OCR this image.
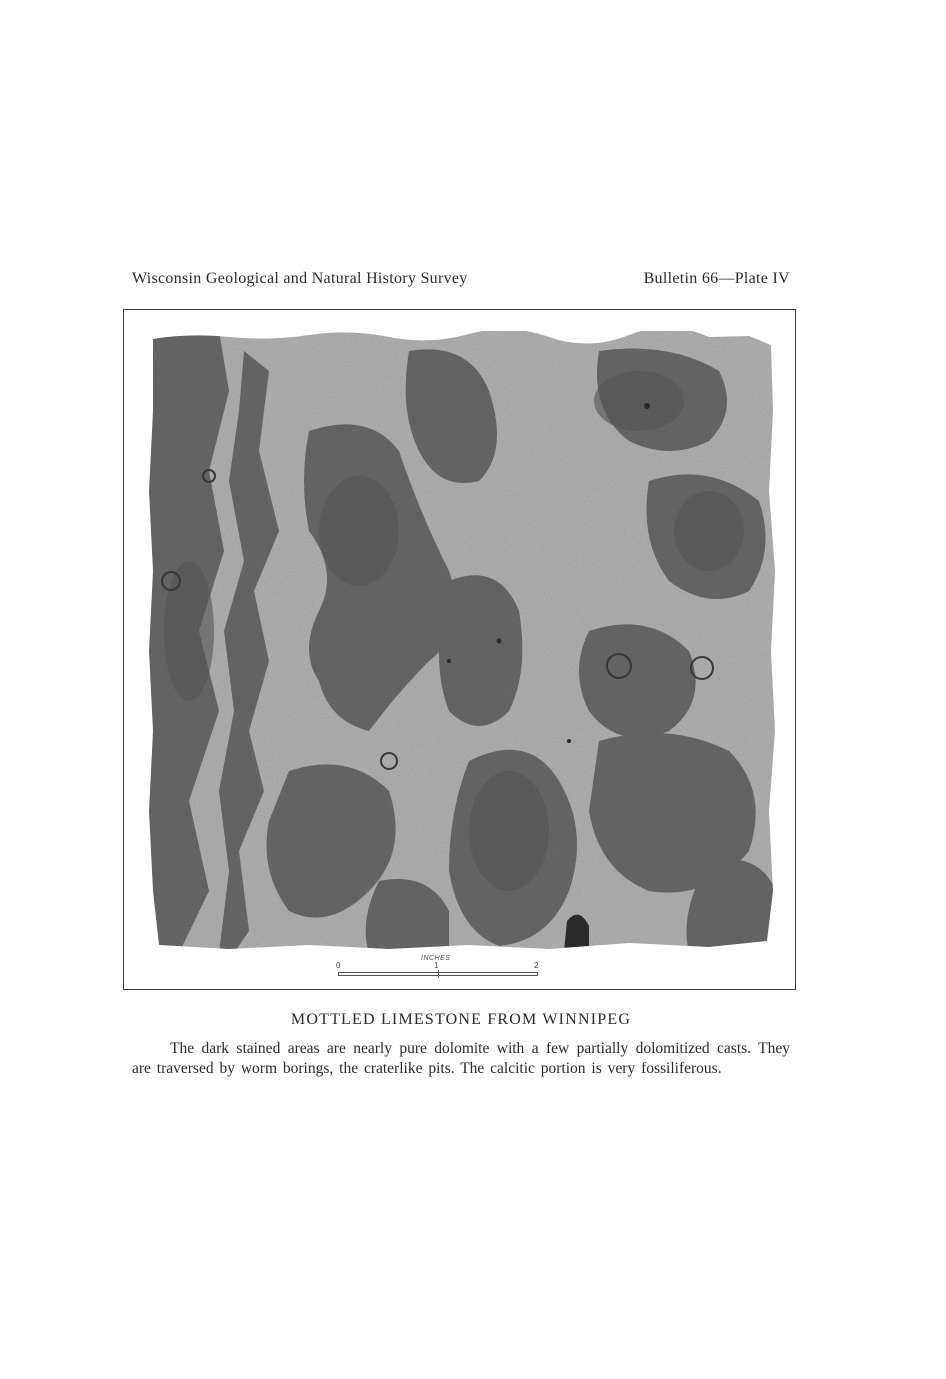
Wisconsin Geological and Natural History Survey	Bulletin 66—Plate IV
INCHES
0	1	2
MOTTLED LIMESTONE FROM WINNIPEG
The dark stained areas are nearly pure dolomite with a few partially dolomitized casts. They are traversed by worm borings, the craterlike pits. The calcitic portion is very fossiliferous.
